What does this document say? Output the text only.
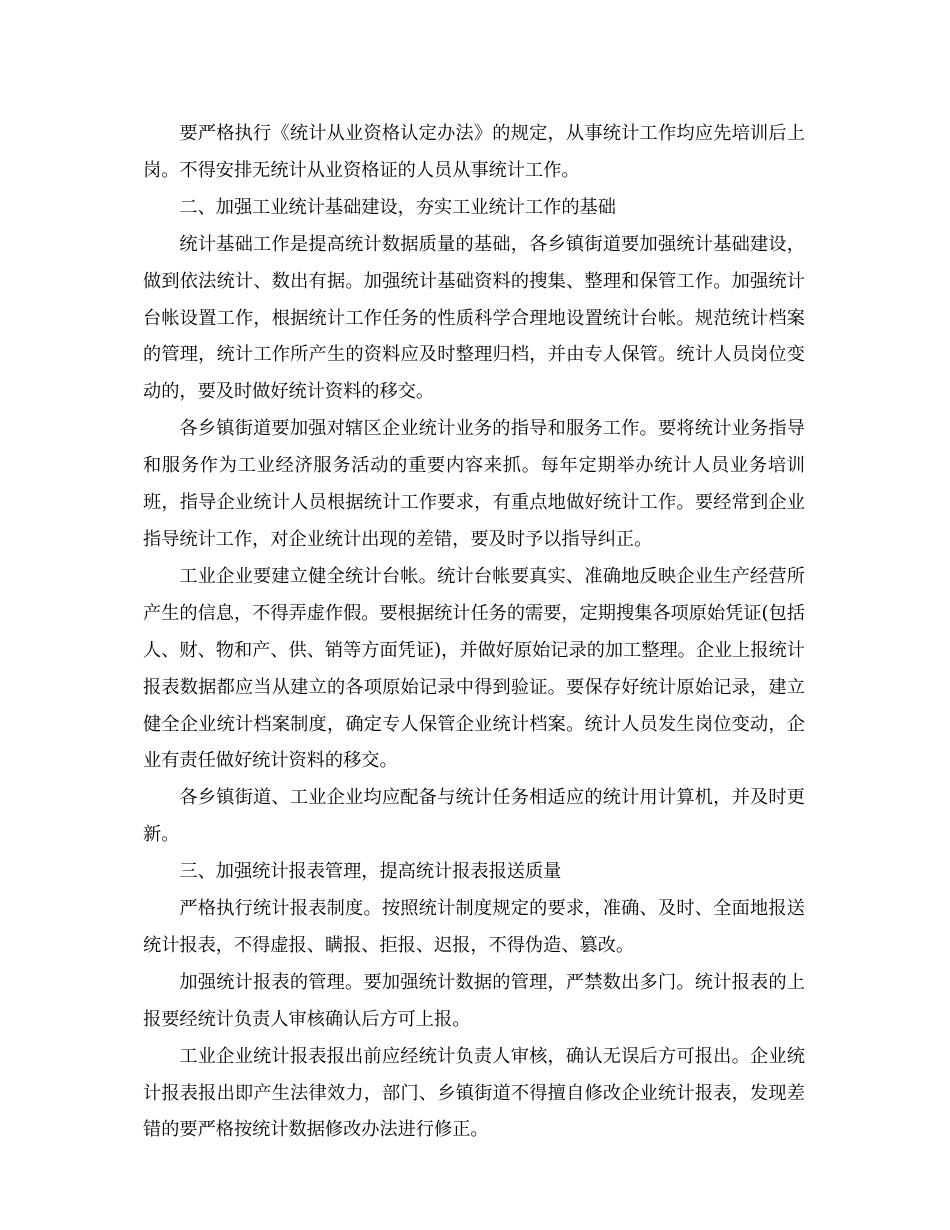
要严格执行《统计从业资格认定办法》的规定，从事统计工作均应先培训后上岗。不得安排无统计从业资格证的人员从事统计工作。

二、加强工业统计基础建设，夯实工业统计工作的基础

统计基础工作是提高统计数据质量的基础，各乡镇街道要加强统计基础建设，做到依法统计、数出有据。加强统计基础资料的搜集、整理和保管工作。加强统计台帐设置工作，根据统计工作任务的性质科学合理地设置统计台帐。规范统计档案的管理，统计工作所产生的资料应及时整理归档，并由专人保管。统计人员岗位变动的，要及时做好统计资料的移交。

各乡镇街道要加强对辖区企业统计业务的指导和服务工作。要将统计业务指导和服务作为工业经济服务活动的重要内容来抓。每年定期举办统计人员业务培训班，指导企业统计人员根据统计工作要求，有重点地做好统计工作。要经常到企业指导统计工作，对企业统计出现的差错，要及时予以指导纠正。

工业企业要建立健全统计台帐。统计台帐要真实、准确地反映企业生产经营所产生的信息，不得弄虚作假。要根据统计任务的需要，定期搜集各项原始凭证(包括人、财、物和产、供、销等方面凭证)，并做好原始记录的加工整理。企业上报统计报表数据都应当从建立的各项原始记录中得到验证。要保存好统计原始记录，建立健全企业统计档案制度，确定专人保管企业统计档案。统计人员发生岗位变动，企业有责任做好统计资料的移交。

各乡镇街道、工业企业均应配备与统计任务相适应的统计用计算机，并及时更新。

三、加强统计报表管理，提高统计报表报送质量

严格执行统计报表制度。按照统计制度规定的要求，准确、及时、全面地报送统计报表，不得虚报、瞒报、拒报、迟报，不得伪造、篡改。

加强统计报表的管理。要加强统计数据的管理，严禁数出多门。统计报表的上报要经统计负责人审核确认后方可上报。

工业企业统计报表报出前应经统计负责人审核，确认无误后方可报出。企业统计报表报出即产生法律效力，部门、乡镇街道不得擅自修改企业统计报表，发现差错的要严格按统计数据修改办法进行修正。
